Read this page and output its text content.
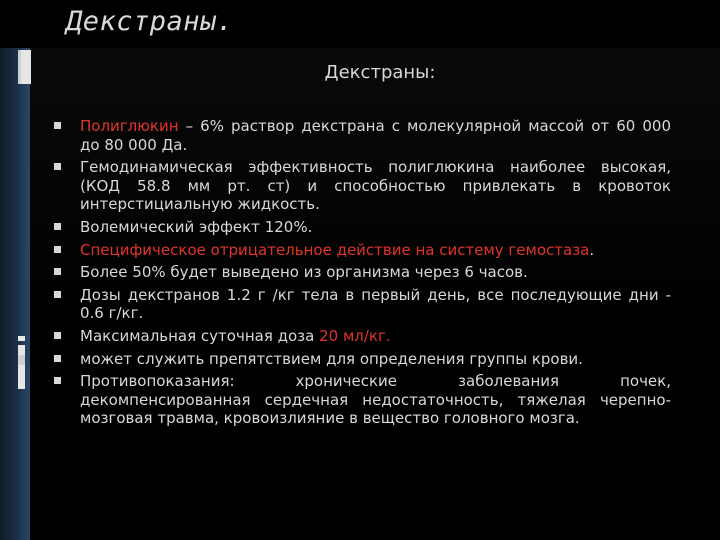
Декстраны.
Декстраны:
Полиглюкин – 6% раствор декстрана с молекулярной массой от 60 000 до 80 000 Да.
Гемодинамическая эффективность полиглюкина наиболее высокая, (КОД 58.8 мм рт. ст) и способностью привлекать в кровоток интерстициальную жидкость.
Волемический эффект 120%.
Специфическое отрицательное действие на систему гемостаза.
Более 50% будет выведено из организма через 6 часов.
Дозы декстранов 1.2 г /кг тела в первый день, все последующие дни - 0.6 г/кг.
Максимальная суточная доза 20 мл/кг.
может служить препятствием для определения группы крови.
Противопоказания: хронические заболевания почек, декомпенсированная сердечная недостаточность, тяжелая черепно-мозговая травма, кровоизлияние в вещество головного мозга.
